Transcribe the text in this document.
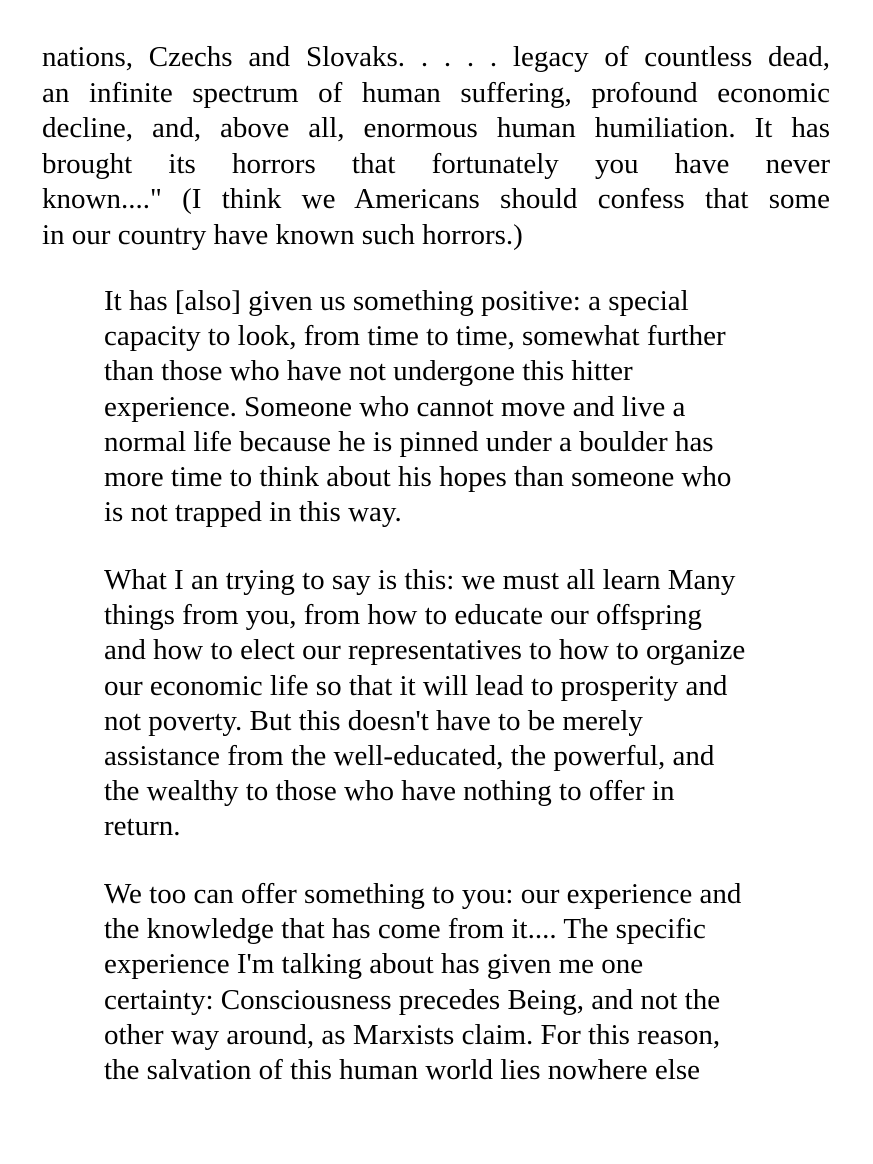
nations, Czechs and Slovaks. . . . . legacy of countless dead,
an infinite spectrum of human suffering, profound economic
decline, and, above all, enormous human humiliation. It has
brought its horrors that fortunately you have never
known...." (I think we Americans should confess that some
in our country have known such horrors.)
It has [also] given us something positive: a special
capacity to look, from time to time, somewhat further
than those who have not undergone this hitter
experience. Someone who cannot move and live a
normal life because he is pinned under a boulder has
more time to think about his hopes than someone who
is not trapped in this way.
What I an trying to say is this: we must all learn Many
things from you, from how to educate our offspring
and how to elect our representatives to how to organize
our economic life so that it will lead to prosperity and
not poverty. But this doesn't have to be merely
assistance from the well-educated, the powerful, and
the wealthy to those who have nothing to offer in
return.
We too can offer something to you: our experience and
the knowledge that has come from it.... The specific
experience I'm talking about has given me one
certainty: Consciousness precedes Being, and not the
other way around, as Marxists claim. For this reason,
the salvation of this human world lies nowhere else
